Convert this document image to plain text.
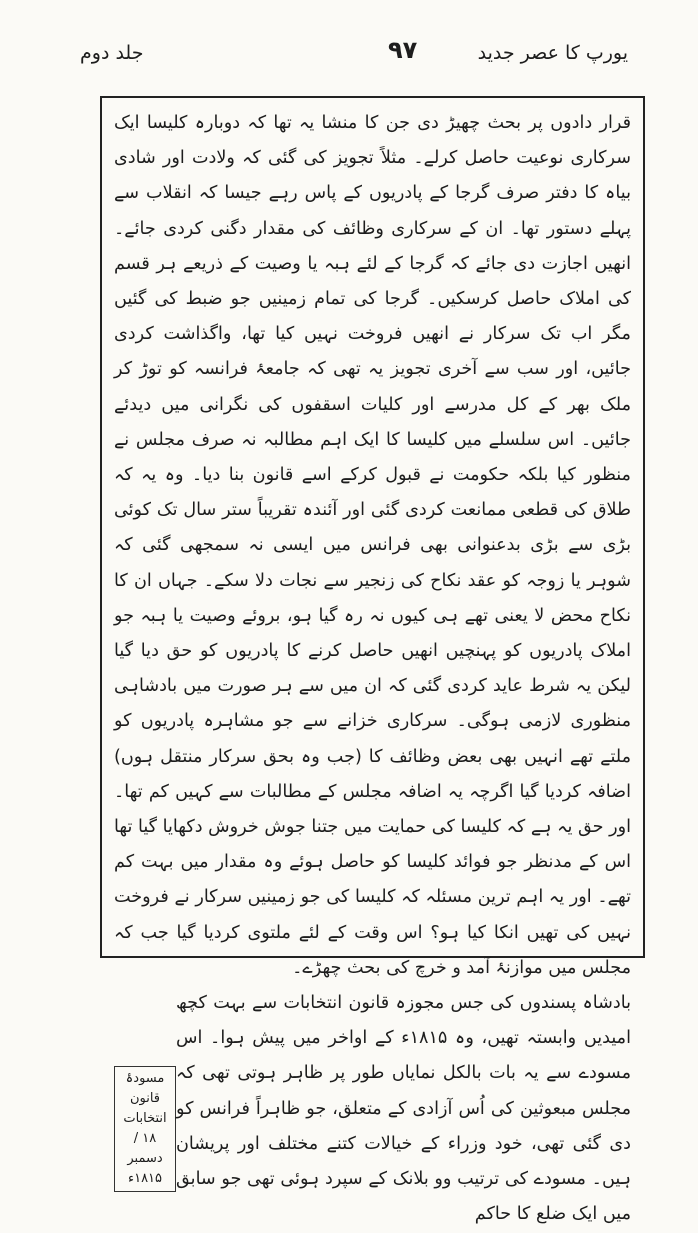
جلد دوم	۹۷	یورپ کا عصر جدید

قرار دادوں پر بحث چھیڑ دی جن کا منشا یہ تھا کہ دوبارہ کلیسا ایک سرکاری نوعیت حاصل کرلے۔ مثلاً تجویز کی گئی کہ ولادت اور شادی بیاہ کا دفتر صرف گرجا کے پادریوں کے پاس رہے جیسا کہ انقلاب سے پہلے دستور تھا۔ ان کے سرکاری وظائف کی مقدار دگنی کردی جائے۔ انھیں اجازت دی جائے کہ گرجا کے لئے ہبہ یا وصیت کے ذریعے ہر قسم کی املاک حاصل کرسکیں۔ گرجا کی تمام زمینیں جو ضبط کی گئیں مگر اب تک سرکار نے انھیں فروخت نہیں کیا تھا، واگذاشت کردی جائیں، اور سب سے آخری تجویز یہ تھی کہ جامعۂ فرانسہ کو توڑ کر ملک بھر کے کل مدرسے اور کلیات اسقفوں کی نگرانی میں دیدئے جائیں۔ اس سلسلے میں کلیسا کا ایک اہم مطالبہ نہ صرف مجلس نے منظور کیا بلکہ حکومت نے قبول کرکے اسے قانون بنا دیا۔ وہ یہ کہ طلاق کی قطعی ممانعت کردی گئی اور آئندہ تقریباً ستر سال تک کوئی بڑی سے بڑی بدعنوانی بھی فرانس میں ایسی نہ سمجھی گئی کہ شوہر یا زوجہ کو عقد نکاح کی زنجیر سے نجات دلا سکے۔ جہاں ان کا نکاح محض لا یعنی تھے ہی کیوں نہ رہ گیا ہو، بروئے وصیت یا ہبہ جو املاک پادریوں کو پہنچیں انھیں حاصل کرنے کا پادریوں کو حق دیا گیا لیکن یہ شرط عاید کردی گئی کہ ان میں سے ہر صورت میں بادشاہی منظوری لازمی ہوگی۔ سرکاری خزانے سے جو مشاہرہ پادریوں کو ملتے تھے انہیں بھی بعض وظائف کا (جب وہ بحق سرکار منتقل ہوں) اضافہ کردیا گیا اگرچہ یہ اضافہ مجلس کے مطالبات سے کہیں کم تھا۔ اور حق یہ ہے کہ کلیسا کی حمایت میں جتنا جوش خروش دکھایا گیا تھا اس کے مدنظر جو فوائد کلیسا کو حاصل ہوئے وہ مقدار میں بہت کم تھے۔ اور یہ اہم ترین مسئلہ کہ کلیسا کی جو زمینیں سرکار نے فروخت نہیں کی تھیں انکا کیا ہو؟ اس وقت کے لئے ملتوی کردیا گیا جب کہ مجلس میں موازنۂ آمد و خرچ کی بحث چھڑے۔

مسودۂ قانون انتخابات ۱۸ / دسمبر ۱۸۱۵ء

بادشاہ پسندوں کی جس مجوزہ قانون انتخابات سے بہت کچھ امیدیں وابستہ تھیں، وہ ۱۸۱۵ء کے اواخر میں پیش ہوا۔ اس مسودے سے یہ بات بالکل نمایاں طور پر ظاہر ہوتی تھی کہ مجلس مبعوثین کی اُس آزادی کے متعلق، جو ظاہراً فرانس کو دی گئی تھی، خود وزراء کے خیالات کتنے مختلف اور پریشان ہیں۔ مسودے کی ترتیب وو بلانک کے سپرد ہوئی تھی جو سابق میں ایک ضلع کا حاکم
